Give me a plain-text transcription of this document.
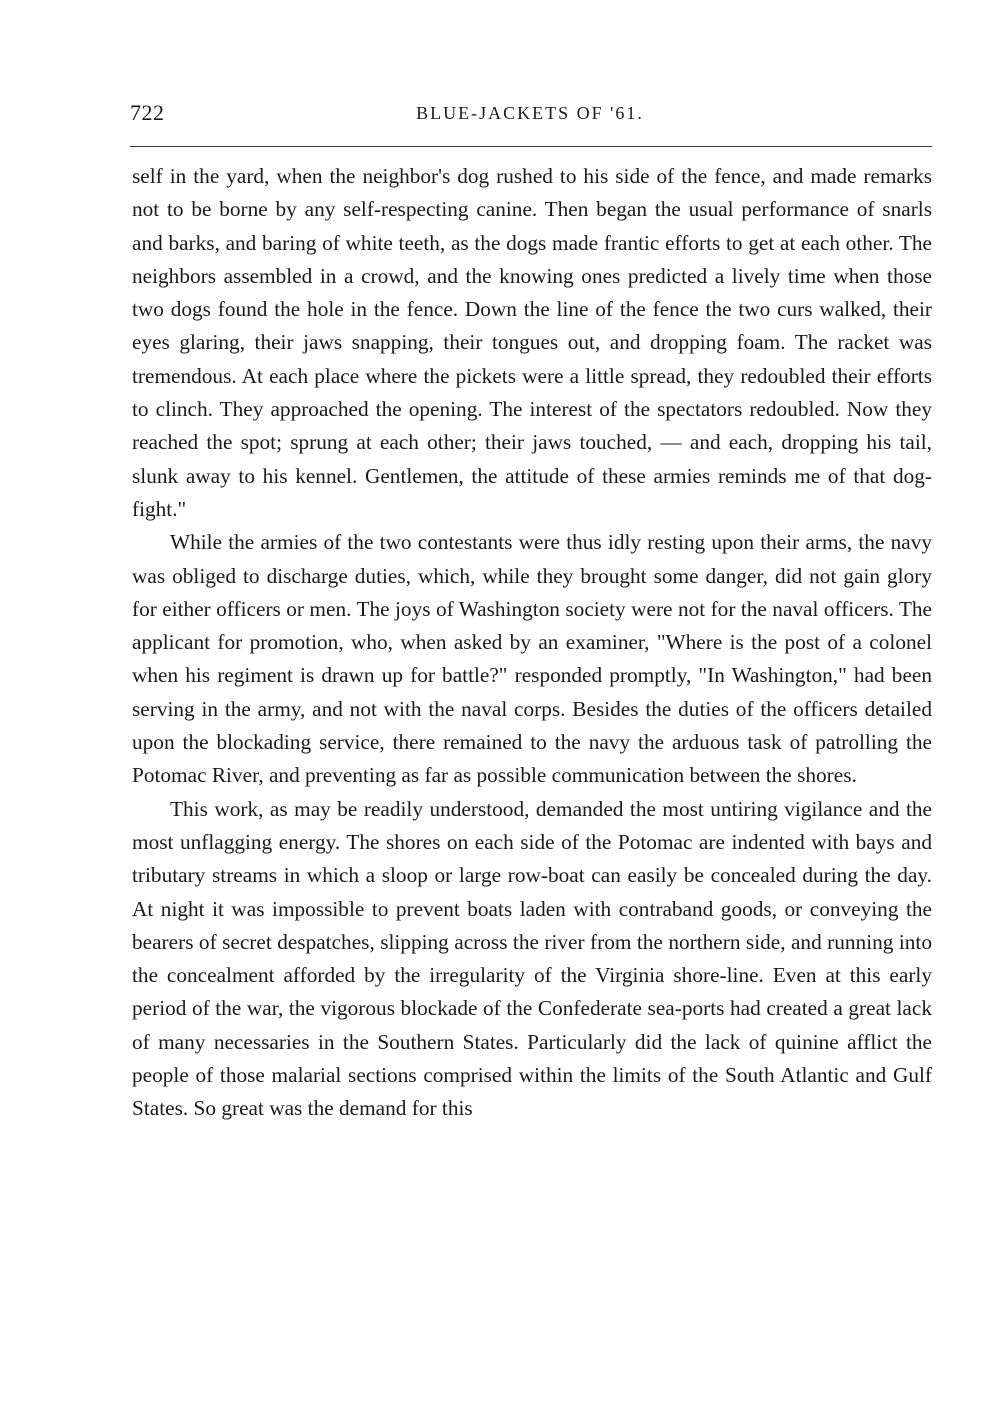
722	BLUE-JACKETS OF '61.

self in the yard, when the neighbor's dog rushed to his side of the fence, and made remarks not to be borne by any self-respecting canine. Then began the usual performance of snarls and barks, and baring of white teeth, as the dogs made frantic efforts to get at each other. The neighbors assembled in a crowd, and the knowing ones predicted a lively time when those two dogs found the hole in the fence. Down the line of the fence the two curs walked, their eyes glaring, their jaws snapping, their tongues out, and dropping foam. The racket was tremendous. At each place where the pickets were a little spread, they redoubled their efforts to clinch. They approached the opening. The interest of the spectators redoubled. Now they reached the spot; sprung at each other; their jaws touched, — and each, dropping his tail, slunk away to his kennel. Gentlemen, the attitude of these armies reminds me of that dog-fight."

While the armies of the two contestants were thus idly resting upon their arms, the navy was obliged to discharge duties, which, while they brought some danger, did not gain glory for either officers or men. The joys of Washington society were not for the naval officers. The applicant for promotion, who, when asked by an examiner, "Where is the post of a colonel when his regiment is drawn up for battle?" responded promptly, "In Washington," had been serving in the army, and not with the naval corps. Besides the duties of the officers detailed upon the blockading service, there remained to the navy the arduous task of patrolling the Potomac River, and preventing as far as possible communication between the shores.

This work, as may be readily understood, demanded the most untiring vigilance and the most unflagging energy. The shores on each side of the Potomac are indented with bays and tributary streams in which a sloop or large row-boat can easily be concealed during the day. At night it was impossible to prevent boats laden with contraband goods, or conveying the bearers of secret despatches, slipping across the river from the northern side, and running into the concealment afforded by the irregularity of the Virginia shore-line. Even at this early period of the war, the vigorous blockade of the Confederate sea-ports had created a great lack of many necessaries in the Southern States. Particularly did the lack of quinine afflict the people of those malarial sections comprised within the limits of the South Atlantic and Gulf States. So great was the demand for this
